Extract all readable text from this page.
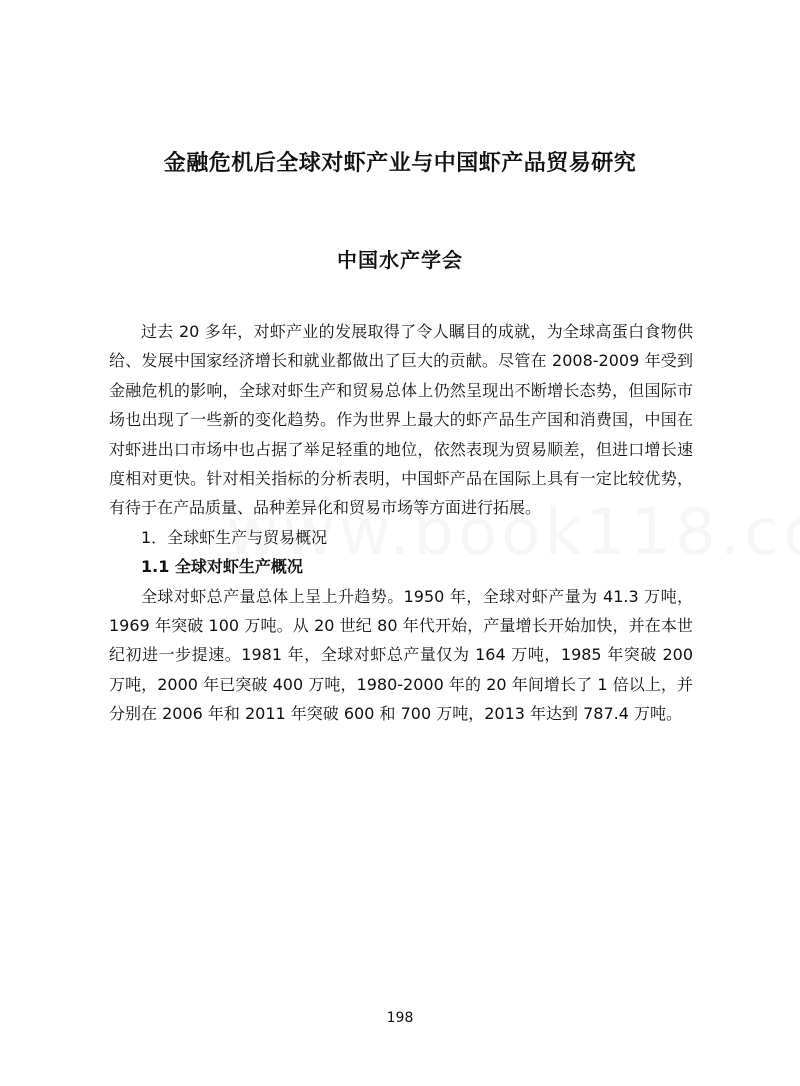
金融危机后全球对虾产业与中国虾产品贸易研究
中国水产学会

过去 20 多年，对虾产业的发展取得了令人瞩目的成就，为全球高蛋白食物供给、发展中国家经济增长和就业都做出了巨大的贡献。尽管在 2008-2009 年受到金融危机的影响，全球对虾生产和贸易总体上仍然呈现出不断增长态势，但国际市场也出现了一些新的变化趋势。作为世界上最大的虾产品生产国和消费国，中国在对虾进出口市场中也占据了举足轻重的地位，依然表现为贸易顺差，但进口增长速度相对更快。针对相关指标的分析表明，中国虾产品在国际上具有一定比较优势，有待于在产品质量、品种差异化和贸易市场等方面进行拓展。

1．全球虾生产与贸易概况

1.1 全球对虾生产概况

全球对虾总产量总体上呈上升趋势。1950 年，全球对虾产量为 41.3 万吨，1969 年突破 100 万吨。从 20 世纪 80 年代开始，产量增长开始加快，并在本世纪初进一步提速。1981 年，全球对虾总产量仅为 164 万吨，1985 年突破 200 万吨，2000 年已突破 400 万吨，1980-2000 年的 20 年间增长了 1 倍以上，并分别在 2006 年和 2011 年突破 600 和 700 万吨，2013 年达到 787.4 万吨。

198
